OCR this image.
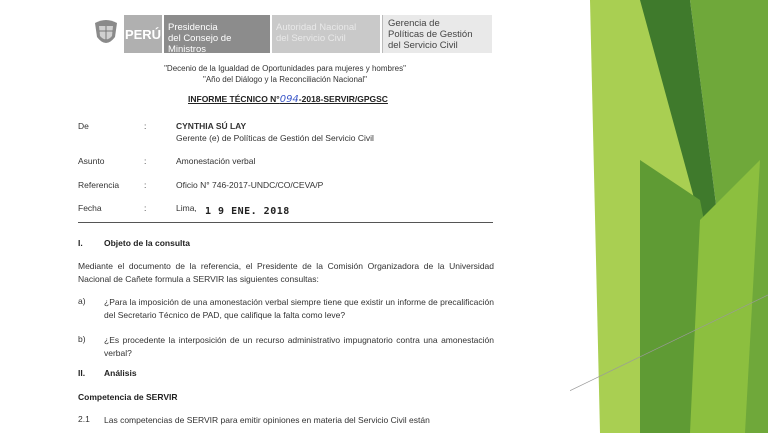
PERÚ Presidencia
del Consejo de Ministros
Autoridad Nacional
del Servicio Civil
Gerencia de
Políticas de Gestión
del Servicio Civil
"Decenio de la Igualdad de Oportunidades para mujeres y hombres"
"Año del Diálogo y la Reconciliación Nacional"
INFORME TÉCNICO N°094-2018-SERVIR/GPGSC
De	:	CYNTHIA SÚ LAY
Gerente (e) de Políticas de Gestión del Servicio Civil
Asunto	:	Amonestación verbal
Referencia	:	Oficio N° 746-2017-UNDC/CO/CEVA/P
Fecha	:	Lima, 1 9 ENE. 2018
I.	Objeto de la consulta
Mediante el documento de la referencia, el Presidente de la Comisión Organizadora de la Universidad Nacional de Cañete formula a SERVIR las siguientes consultas:
a) ¿Para la imposición de una amonestación verbal siempre tiene que existir un informe de precalificación del Secretario Técnico de PAD, que califique la falta como leve?
b) ¿Es procedente la interposición de un recurso administrativo impugnatorio contra una amonestación verbal?
II. Análisis
Competencia de SERVIR
2.1 Las competencias de SERVIR para emitir opiniones en materia del Servicio Civil están
